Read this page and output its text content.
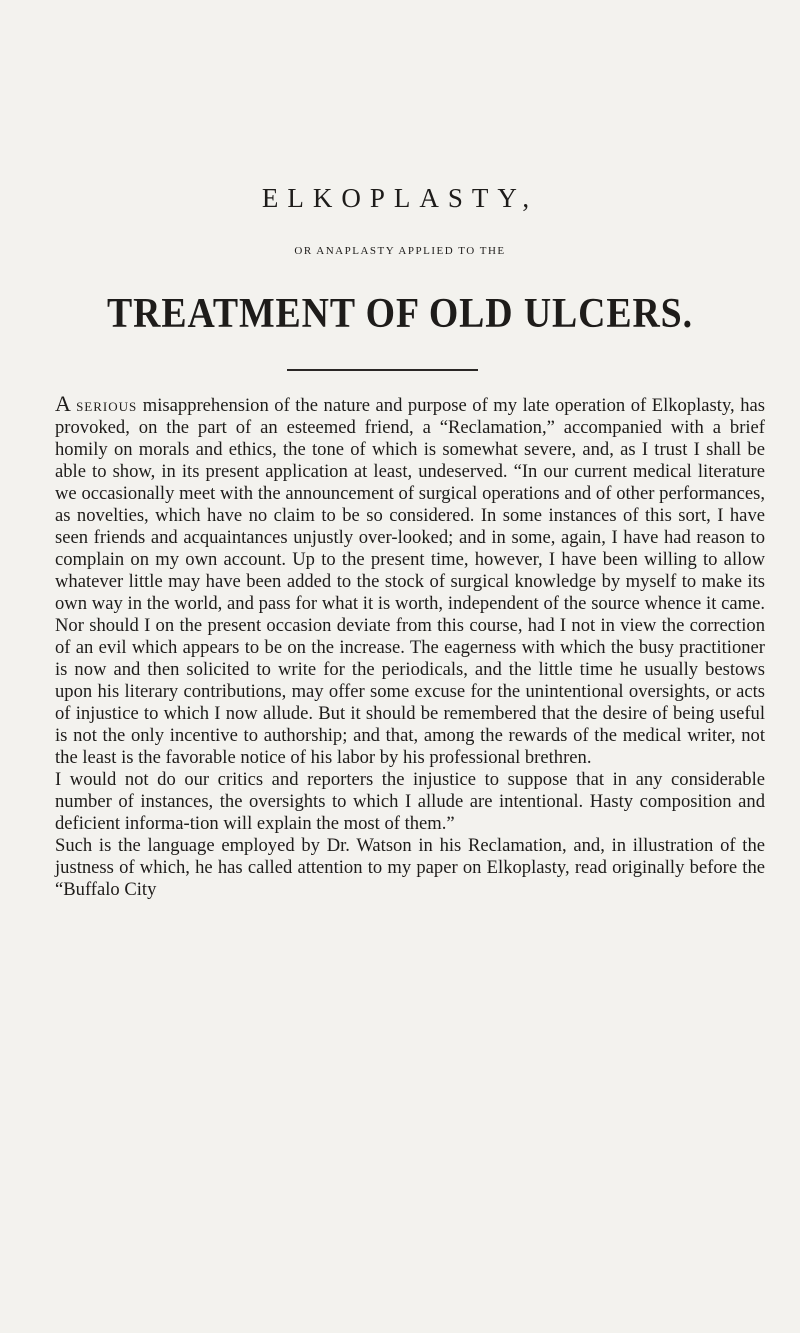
ELKOPLASTY,
OR ANAPLASTY APPLIED TO THE
TREATMENT OF OLD ULCERS.

A serious misapprehension of the nature and purpose of my late operation of Elkoplasty, has provoked, on the part of an esteemed friend, a “Reclamation,” accompanied with a brief homily on morals and ethics, the tone of which is somewhat severe, and, as I trust I shall be able to show, in its present application at least, undeserved. “In our current medical literature we occasionally meet with the announcement of surgical operations and of other performances, as novelties, which have no claim to be so considered. In some instances of this sort, I have seen friends and acquaintances unjustly over-looked; and in some, again, I have had reason to complain on my own account. Up to the present time, however, I have been willing to allow whatever little may have been added to the stock of surgical knowledge by myself to make its own way in the world, and pass for what it is worth, independent of the source whence it came. Nor should I on the present occasion deviate from this course, had I not in view the correction of an evil which appears to be on the increase. The eagerness with which the busy practitioner is now and then solicited to write for the periodicals, and the little time he usually bestows upon his literary contributions, may offer some excuse for the unintentional oversights, or acts of injustice to which I now allude. But it should be remembered that the desire of being useful is not the only incentive to authorship; and that, among the rewards of the medical writer, not the least is the favorable notice of his labor by his professional brethren.

I would not do our critics and reporters the injustice to suppose that in any considerable number of instances, the oversights to which I allude are intentional. Hasty composition and deficient informa-tion will explain the most of them.”

Such is the language employed by Dr. Watson in his Reclamation, and, in illustration of the justness of which, he has called attention to my paper on Elkoplasty, read originally before the “Buffalo City
